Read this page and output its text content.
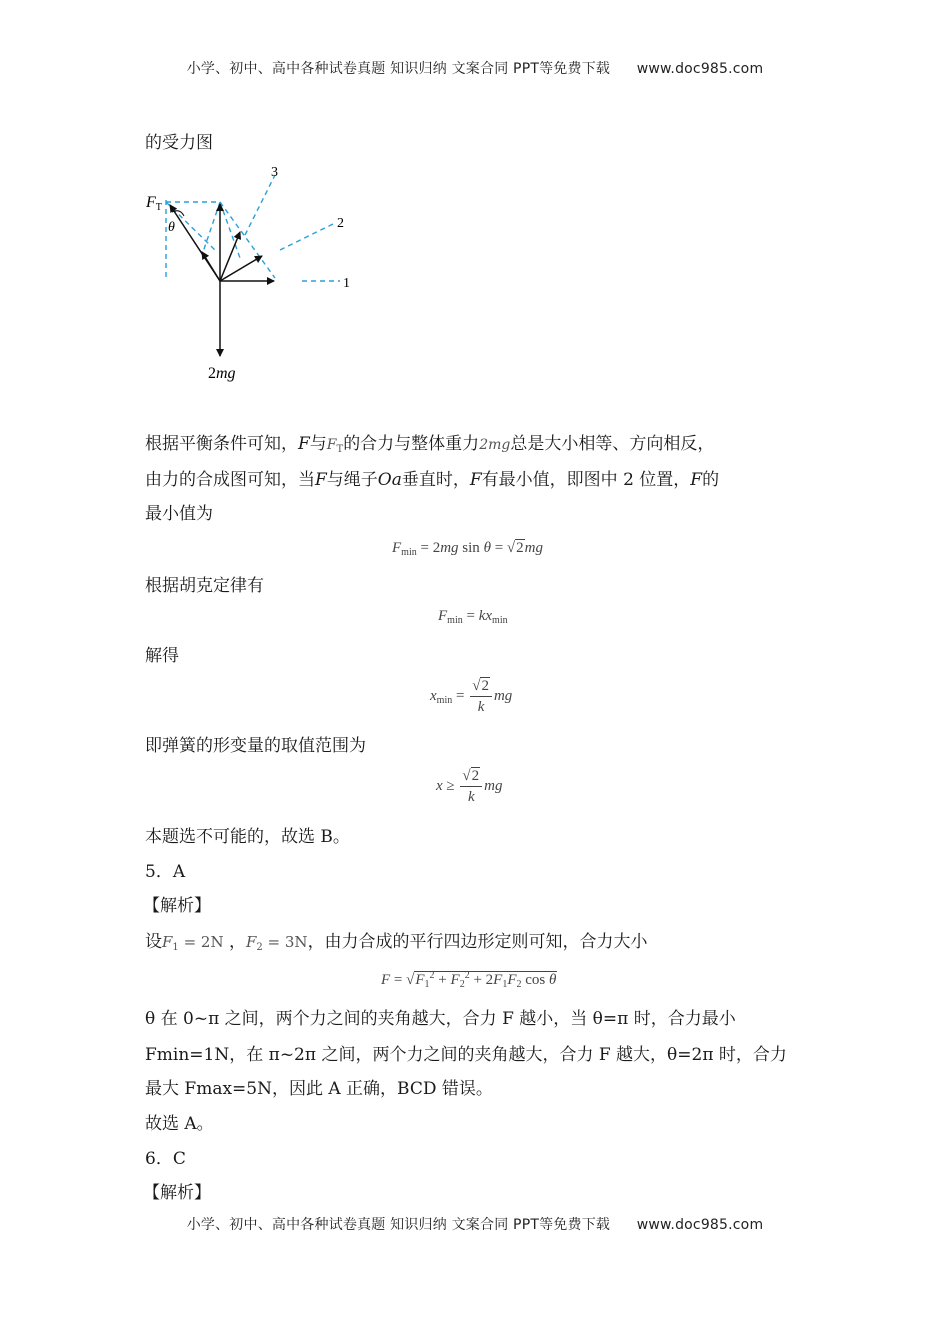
小学、初中、高中各种试卷真题 知识归纳 文案合同 PPT等免费下载 www.doc985.com
的受力图
FT
θ
3
2
1
2mg
根据平衡条件可知，F与$F_T$的合力与整体重力2mg总是大小相等、方向相反，
由力的合成图可知，当F与绳子Oa垂直时，F有最小值，即图中 2 位置，F的
最小值为
$F_{min} = 2mg$ sin θ = √2mg
根据胡克定律有
$F_{min} = kx_{min}$
解得
$x_{min} = \frac{√2}{k}$ mg
即弹簧的形变量的取值范围为
$x \ge \frac{√2}{k}$ mg
本题选不可能的，故选 B。
5．A
【解析】
设$F_1 = 2N$ ，$F_2 = 3N$，由力合成的平行四边形定则可知，合力大小
$F = √F_1^2 + F_2^2 + 2F_1F_2$ cos θ
θ 在 0~π 之间，两个力之间的夹角越大，合力 F 越小，当 θ=π 时，合力最小
Fmin=1N，在 π~2π 之间，两个力之间的夹角越大，合力 F 越大，θ=2π 时，合力
最大 Fmax=5N，因此 A 正确，BCD 错误。
故选 A。
6．C
【解析】
小学、初中、高中各种试卷真题 知识归纳 文案合同 PPT等免费下载 www.doc985.com
